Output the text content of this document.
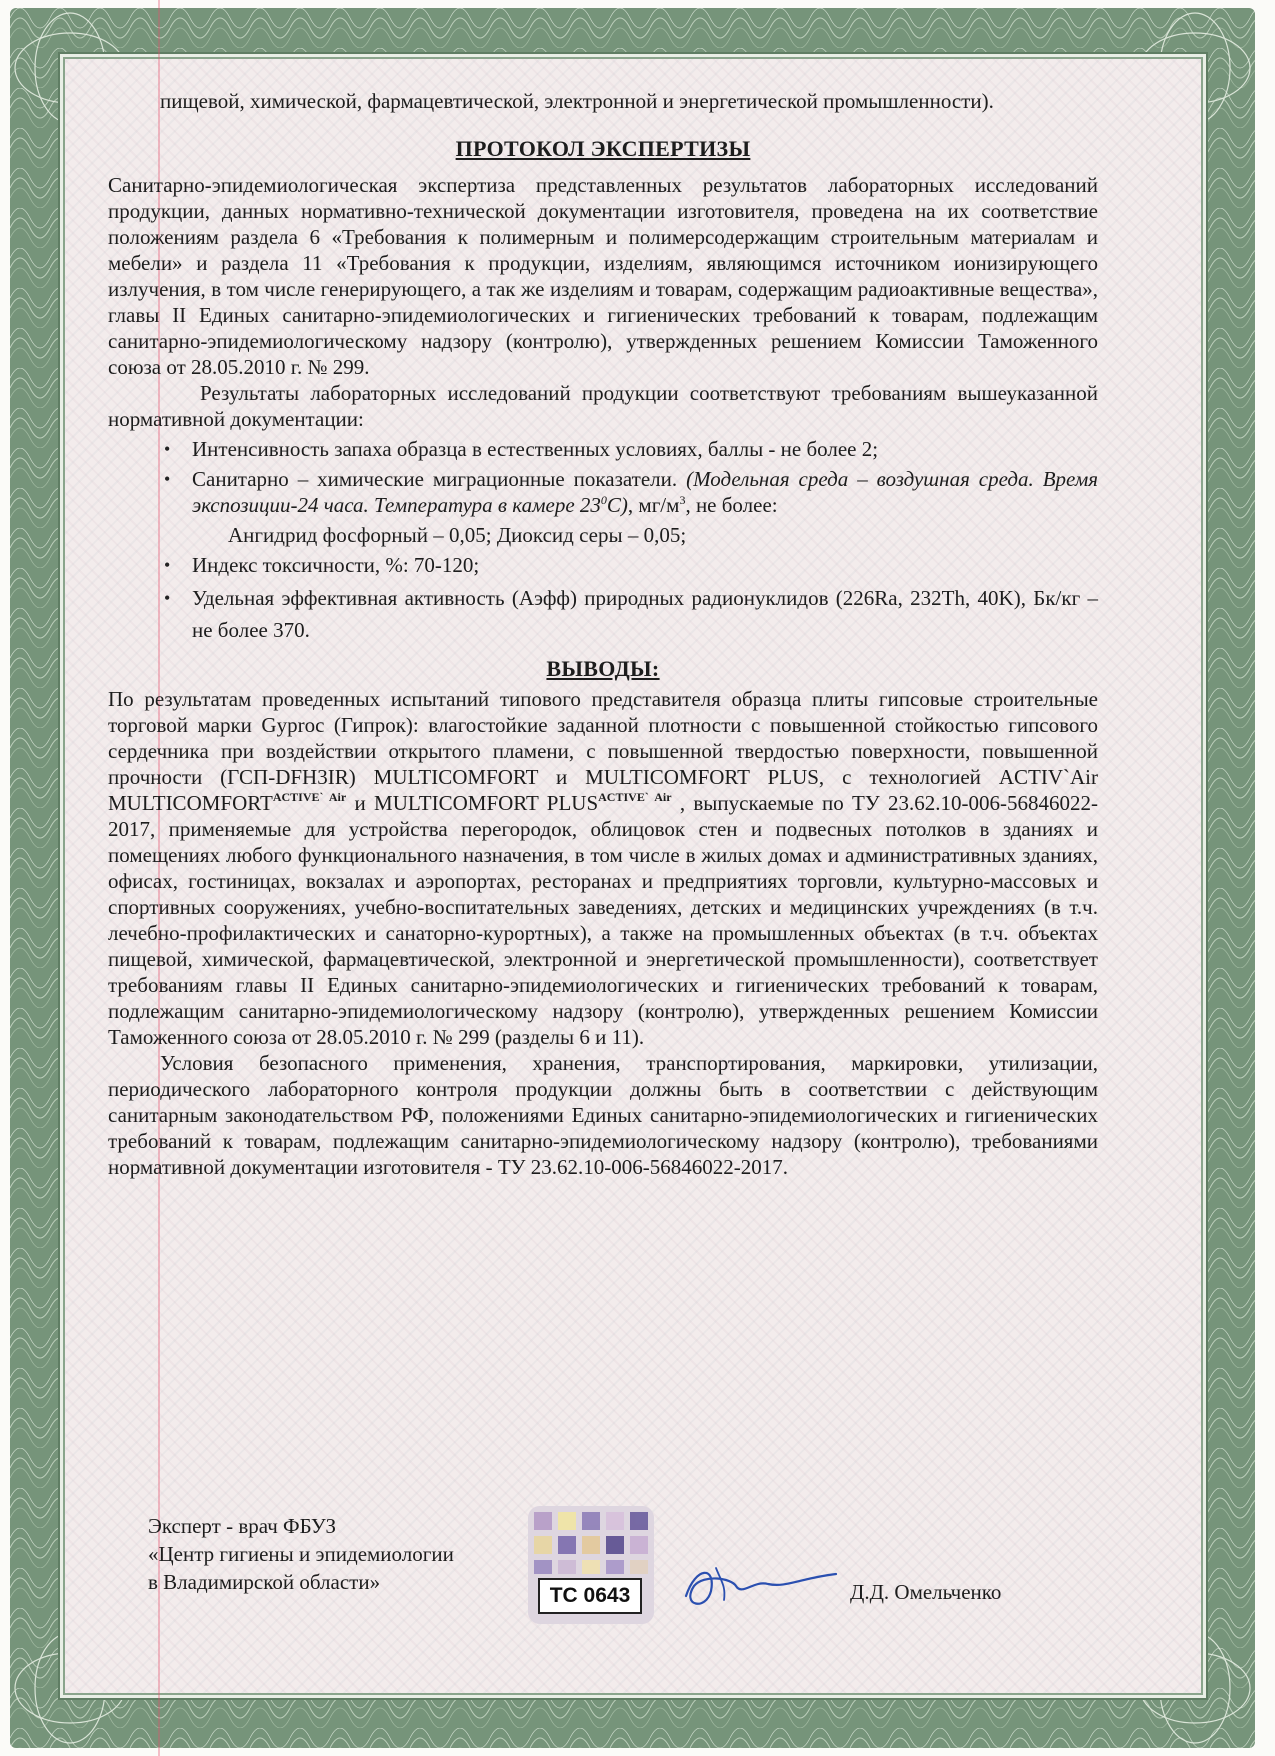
пищевой, химической, фармацевтической, электронной и энергетической промышленности).

ПРОТОКОЛ ЭКСПЕРТИЗЫ

Санитарно-эпидемиологическая экспертиза представленных результатов лабораторных исследований продукции, данных нормативно-технической документации изготовителя, проведена на их соответствие положениям раздела 6 «Требования к полимерным и полимерсодержащим строительным материалам и мебели» и раздела 11 «Требования к продукции, изделиям, являющимся источником ионизирующего излучения, в том числе генерирующего, а так же изделиям и товарам, содержащим радиоактивные вещества», главы II Единых санитарно-эпидемиологических и гигиенических требований к товарам, подлежащим санитарно-эпидемиологическому надзору (контролю), утвержденных решением Комиссии Таможенного союза от 28.05.2010 г. № 299.

Результаты лабораторных исследований продукции соответствуют требованиям вышеуказанной нормативной документации:

• Интенсивность запаха образца в естественных условиях, баллы - не более 2;
• Санитарно – химические миграционные показатели. (Модельная среда – воздушная среда. Время экспозиции-24 часа. Температура в камере $23^0С$), $мг/м^3$, не более:

Ангидрид фосфорный – 0,05; Диоксид серы – 0,05;

• Индекс токсичности, %: 70-120;
• Удельная эффективная активность (Аэфф) природных радионуклидов (226Ra, 232Th, 40K), Бк/кг – не более 370.

ВЫВОДЫ:

По результатам проведенных испытаний типового представителя образца плиты гипсовые строительные торговой марки Gyproc (Гипрок): влагостойкие заданной плотности с повышенной стойкостью гипсового сердечника при воздействии открытого пламени, с повышенной твердостью поверхности, повышенной прочности (ГСП-DFH3IR) MULTICOMFORT и MULTICOMFORT PLUS, с технологией ACTIV`Air $MULTICOMFORT^{ACTIVE` Air}$ и MULTICOMFORT $PLUS^{ACTIVE` Air}$ , выпускаемые по ТУ 23.62.10-006-56846022-2017, применяемые для устройства перегородок, облицовок стен и подвесных потолков в зданиях и помещениях любого функционального назначения, в том числе в жилых домах и административных зданиях, офисах, гостиницах, вокзалах и аэропортах, ресторанах и предприятиях торговли, культурно-массовых и спортивных сооружениях, учебно-воспитательных заведениях, детских и медицинских учреждениях (в т.ч. лечебно-профилактических и санаторно-курортных), а также на промышленных объектах (в т.ч. объектах пищевой, химической, фармацевтической, электронной и энергетической промышленности), соответствует требованиям главы II Единых санитарно-эпидемиологических и гигиенических требований к товарам, подлежащим санитарно-эпидемиологическому надзору (контролю), утвержденных решением Комиссии Таможенного союза от 28.05.2010 г. № 299 (разделы 6 и 11).

Условия безопасного применения, хранения, транспортирования, маркировки, утилизации, периодического лабораторного контроля продукции должны быть в соответствии с действующим санитарным законодательством РФ, положениями Единых санитарно-эпидемиологических и гигиенических требований к товарам, подлежащим санитарно-эпидемиологическому надзору (контролю), требованиями нормативной документации изготовителя - ТУ 23.62.10-006-56846022-2017.

Эксперт - врач ФБУЗ
«Центр гигиены и эпидемиологии
в Владимирской области»
ТС 0643	Д.Д. Омельченко
